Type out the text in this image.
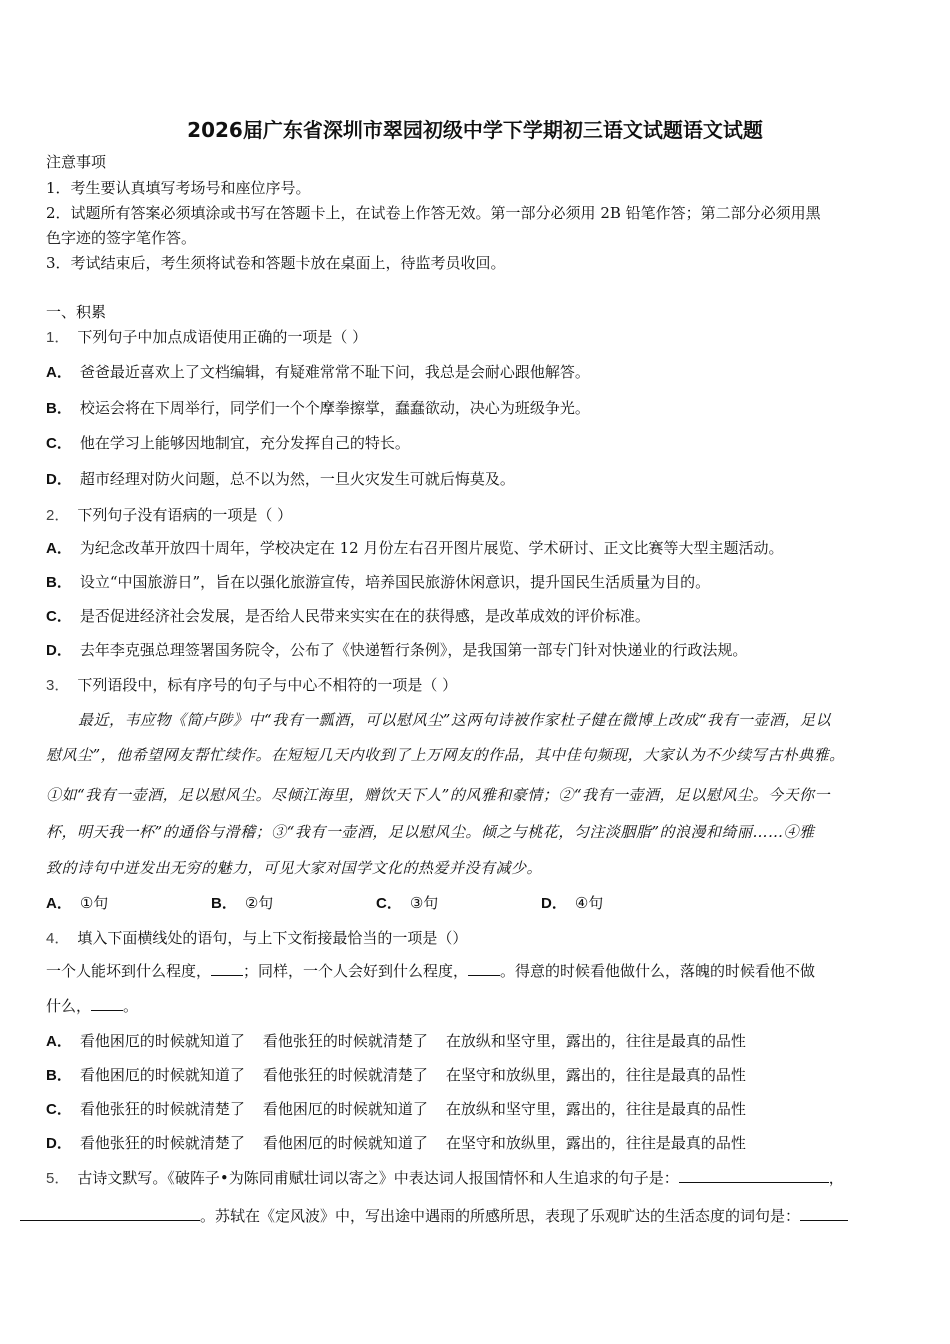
2026届广东省深圳市翠园初级中学下学期初三语文试题语文试题
注意事项
1．考生要认真填写考场号和座位序号。
2．试题所有答案必须填涂或书写在答题卡上，在试卷上作答无效。第一部分必须用 2B 铅笔作答；第二部分必须用黑
色字迹的签字笔作答。
3．考试结束后，考生须将试卷和答题卡放在桌面上，待监考员收回。
一、积累
1． 下列句子中加点成语使用正确的一项是（ ）
A． 爸爸最近喜欢上了文档编辑，有疑难常常不耻下问，我总是会耐心跟他解答。
B． 校运会将在下周举行，同学们一个个摩拳擦掌，蠢蠢欲动，决心为班级争光。
C． 他在学习上能够因地制宜，充分发挥自己的特长。
D． 超市经理对防火问题，总不以为然，一旦火灾发生可就后悔莫及。
2． 下列句子没有语病的一项是（ ）
A． 为纪念改革开放四十周年，学校决定在 12 月份左右召开图片展览、学术研讨、正文比赛等大型主题活动。
B． 设立“中国旅游日”，旨在以强化旅游宣传，培养国民旅游休闲意识，提升国民生活质量为目的。
C． 是否促进经济社会发展，是否给人民带来实实在在的获得感，是改革成效的评价标准。
D． 去年李克强总理签署国务院令，公布了《快递暂行条例》，是我国第一部专门针对快递业的行政法规。
3． 下列语段中，标有序号的句子与中心不相符的一项是（ ）
最近，韦应物《简卢陟》中“我有一瓢酒，可以慰风尘”这两句诗被作家杜子健在微博上改成“我有一壶酒，足以
慰风尘”，他希望网友帮忙续作。在短短几天内收到了上万网友的作品，其中佳句频现，大家认为不少续写古朴典雅。
①如“我有一壶酒，足以慰风尘。尽倾江海里，赠饮天下人”的风雅和豪情；②“我有一壶酒，足以慰风尘。今天你一
杯，明天我一杯”的通俗与滑稽；③“我有一壶酒，足以慰风尘。倾之与桃花，匀注淡胭脂”的浪漫和绮丽……④雅
致的诗句中迸发出无穷的魅力，可见大家对国学文化的热爱并没有减少。
A． ①句	B． ②句	C． ③句	D． ④句
4． 填入下面横线处的语句，与上下文衔接最恰当的一项是（）
一个人能坏到什么程度， ；同样，一个人会好到什么程度， 。得意的时候看他做什么，落魄的时候看他不做
什么， 。
A． 看他困厄的时候就知道了 看他张狂的时候就清楚了 在放纵和坚守里，露出的，往往是最真的品性
B． 看他困厄的时候就知道了 看他张狂的时候就清楚了 在坚守和放纵里，露出的，往往是最真的品性
C． 看他张狂的时候就清楚了 看他困厄的时候就知道了 在放纵和坚守里，露出的，往往是最真的品性
D． 看他张狂的时候就清楚了 看他困厄的时候就知道了 在坚守和放纵里，露出的，往往是最真的品性
5． 古诗文默写。《破阵子•为陈同甫赋壮词以寄之》中表达词人报国情怀和人生追求的句子是：	，
。苏轼在《定风波》中，写出途中遇雨的所感所思，表现了乐观旷达的生活态度的词句是：
